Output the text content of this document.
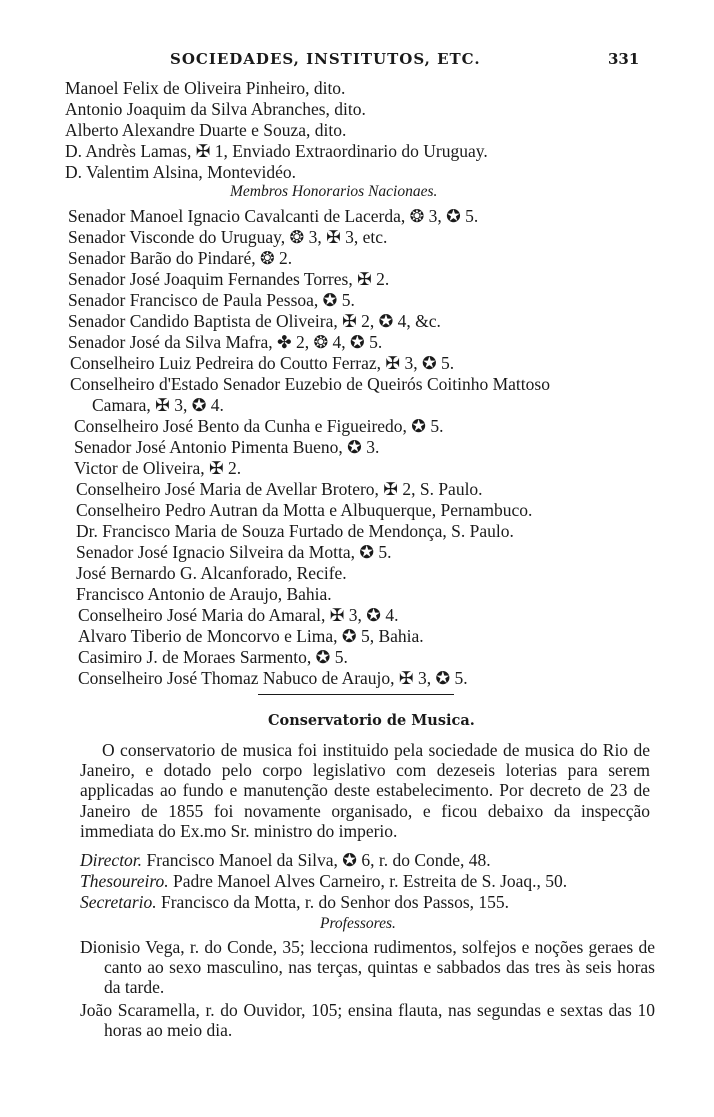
SOCIEDADES, INSTITUTOS, ETC.	331
Manoel Felix de Oliveira Pinheiro, dito.
Antonio Joaquim da Silva Abranches, dito.
Alberto Alexandre Duarte e Souza, dito.
D. Andrès Lamas, ✠ 1, Enviado Extraordinario do Uruguay.
D. Valentim Alsina, Montevidéo.
Membros Honorarios Nacionaes.
Senador Manoel Ignacio Cavalcanti de Lacerda, ❂ 3, ✪ 5.
Senador Visconde do Uruguay, ❂ 3, ✠ 3, etc.
Senador Barão do Pindaré, ❂ 2.
Senador José Joaquim Fernandes Torres, ✠ 2.
Senador Francisco de Paula Pessoa, ✪ 5.
Senador Candido Baptista de Oliveira, ✠ 2, ✪ 4, &c.
Senador José da Silva Mafra, ✤ 2, ❂ 4, ✪ 5.
Conselheiro Luiz Pedreira do Coutto Ferraz, ✠ 3, ✪ 5.
Conselheiro d'Estado Senador Euzebio de Queirós Coitinho Mattoso
Camara, ✠ 3, ✪ 4.
Conselheiro José Bento da Cunha e Figueiredo, ✪ 5.
Senador José Antonio Pimenta Bueno, ✪ 3.
Victor de Oliveira, ✠ 2.
Conselheiro José Maria de Avellar Brotero, ✠ 2, S. Paulo.
Conselheiro Pedro Autran da Motta e Albuquerque, Pernambuco.
Dr. Francisco Maria de Souza Furtado de Mendonça, S. Paulo.
Senador José Ignacio Silveira da Motta, ✪ 5.
José Bernardo G. Alcanforado, Recife.
Francisco Antonio de Araujo, Bahia.
Conselheiro José Maria do Amaral, ✠ 3, ✪ 4.
Alvaro Tiberio de Moncorvo e Lima, ✪ 5, Bahia.
Casimiro J. de Moraes Sarmento, ✪ 5.
Conselheiro José Thomaz Nabuco de Araujo, ✠ 3, ✪ 5.
Conservatorio de Musica.
O conservatorio de musica foi instituido pela sociedade de musica do Rio de Janeiro, e dotado pelo corpo legislativo com dezeseis loterias para serem applicadas ao fundo e manutenção deste estabelecimento. Por decreto de 23 de Janeiro de 1855 foi novamente organisado, e ficou debaixo da inspecção immediata do Ex.mo Sr. ministro do imperio.
Director. Francisco Manoel da Silva, ✪ 6, r. do Conde, 48.
Thesoureiro. Padre Manoel Alves Carneiro, r. Estreita de S. Joaq., 50.
Secretario. Francisco da Motta, r. do Senhor dos Passos, 155.
Professores.
Dionisio Vega, r. do Conde, 35; lecciona rudimentos, solfejos e noções geraes de canto ao sexo masculino, nas terças, quintas e sabbados das tres às seis horas da tarde.
João Scaramella, r. do Ouvidor, 105; ensina flauta, nas segundas e sextas das 10 horas ao meio dia.
